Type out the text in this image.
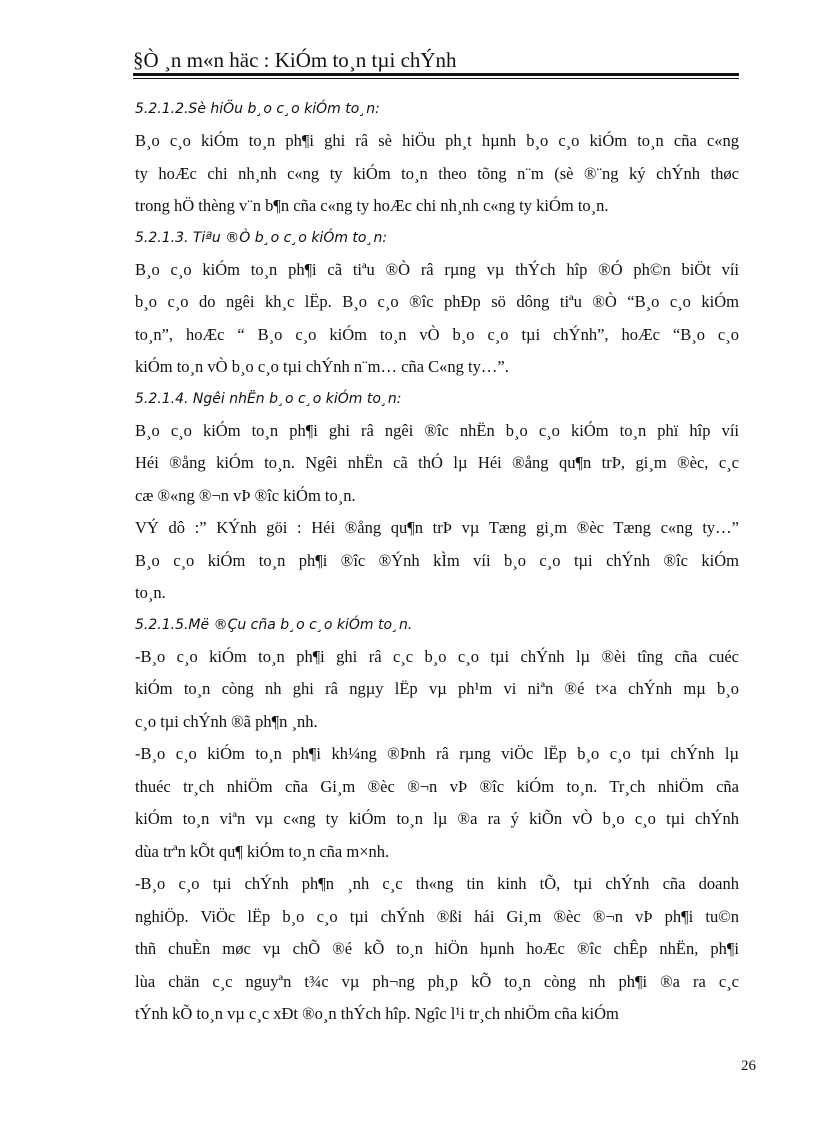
§Ò ¸n m«n häc : KiÓm to¸n tµi chÝnh
5.2.1.2.Sè hiÖu b¸o c¸o kiÓm to¸n:
B¸o c¸o kiÓm to¸n ph¶i ghi râ sè hiÖu ph¸t hµnh b¸o c¸o kiÓm to¸n cña c«ng
ty hoÆc chi nh¸nh c«ng ty kiÓm to¸n theo tõng n¨m (sè ®¨ng ký chÝnh thøc
trong hÖ thèng v¨n b¶n cña c«ng ty hoÆc chi nh¸nh c«ng ty kiÓm to¸n.
5.2.1.3. Tiªu ®Ò b¸o c¸o kiÓm to¸n:
B¸o c¸o kiÓm to¸n ph¶i cã tiªu ®Ò râ rµng vµ thÝch hîp ®Ó ph©n biÖt víi
b¸o c¸o do ngêi kh¸c lËp. B¸o c¸o ®îc phÐp sö dông tiªu ®Ò “B¸o c¸o kiÓm
to¸n”, hoÆc “ B¸o c¸o kiÓm to¸n vÒ b¸o c¸o tµi chÝnh”, hoÆc “B¸o c¸o
kiÓm to¸n vÒ b¸o c¸o tµi chÝnh n¨m… cña C«ng ty…”.
5.2.1.4. Ngêi nhËn b¸o c¸o kiÓm to¸n:
B¸o c¸o kiÓm to¸n ph¶i ghi râ ngêi ®îc nhËn b¸o c¸o kiÓm to¸n phï hîp víi
Héi ®ång kiÓm to¸n. Ngêi nhËn cã thÓ lµ Héi ®ång qu¶n trÞ, gi¸m ®èc, c¸c
cæ ®«ng ®¬n vÞ ®îc kiÓm to¸n.
VÝ dô :” KÝnh göi : Héi ®ång qu¶n trÞ vµ Tæng gi¸m ®èc Tæng c«ng ty…”
B¸o c¸o kiÓm to¸n ph¶i ®îc ®Ýnh kÌm víi b¸o c¸o tµi chÝnh ®îc kiÓm
to¸n.
5.2.1.5.Më ®Çu cña b¸o c¸o kiÓm to¸n.
-B¸o c¸o kiÓm to¸n ph¶i ghi râ c¸c b¸o c¸o tµi chÝnh lµ ®èi tîng cña cuéc
kiÓm to¸n còng nh ghi râ ngµy lËp vµ ph¹m vi niªn ®é t×a chÝnh mµ b¸o
c¸o tµi chÝnh ®ã ph¶n ¸nh.
-B¸o c¸o kiÓm to¸n ph¶i kh¼ng ®Þnh râ rµng viÖc lËp b¸o c¸o tµi chÝnh lµ
thuéc tr¸ch nhiÖm cña Gi¸m ®èc ®¬n vÞ ®îc kiÓm to¸n. Tr¸ch nhiÖm cña
kiÓm to¸n viªn vµ c«ng ty kiÓm to¸n lµ ®a ra ý kiÕn vÒ b¸o c¸o tµi chÝnh
dùa trªn kÕt qu¶ kiÓm to¸n cña m×nh.
-B¸o c¸o tµi chÝnh ph¶n ¸nh c¸c th«ng tin kinh tÕ, tµi chÝnh cña doanh
nghiÖp. ViÖc lËp b¸o c¸o tµi chÝnh ®ßi hái Gi¸m ®èc ®¬n vÞ ph¶i tu©n
thñ chuÈn møc vµ chÕ ®é kÕ to¸n hiÖn hµnh hoÆc ®îc chÊp nhËn, ph¶i
lùa chän c¸c nguyªn t¾c vµ ph¬ng ph¸p kÕ to¸n còng nh ph¶i ®a ra c¸c
tÝnh kÕ to¸n vµ c¸c xÐt ®o¸n thÝch hîp. Ngîc l¹i tr¸ch nhiÖm cña kiÓm
26
